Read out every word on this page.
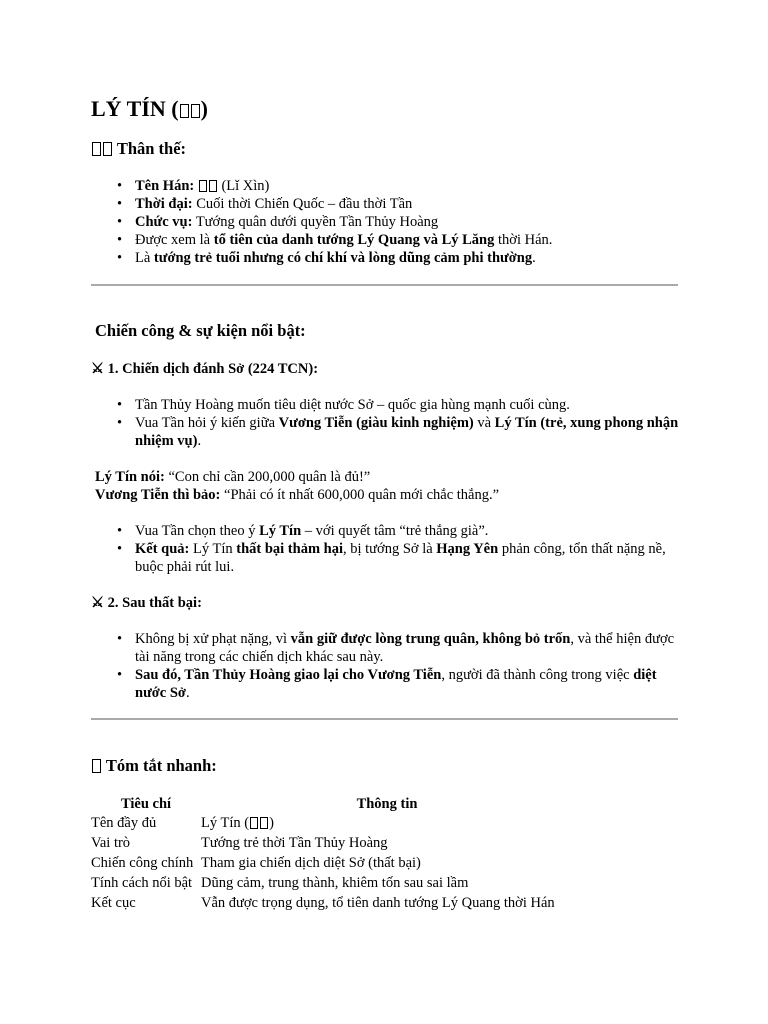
LÝ TÍN ( )
Thân thế:
• Tên Hán:  (Lǐ Xìn)
• Thời đại: Cuối thời Chiến Quốc – đầu thời Tần
• Chức vụ: Tướng quân dưới quyền Tần Thủy Hoàng
• Được xem là tổ tiên của danh tướng Lý Quang và Lý Lăng thời Hán.
• Là tướng trẻ tuổi nhưng có chí khí và lòng dũng cảm phi thường.
Chiến công & sự kiện nổi bật:
⚔ 1. Chiến dịch đánh Sở (224 TCN):
• Tần Thủy Hoàng muốn tiêu diệt nước Sở – quốc gia hùng mạnh cuối cùng.
• Vua Tần hỏi ý kiến giữa Vương Tiễn (giàu kinh nghiệm) và Lý Tín (trẻ, xung phong nhận nhiệm vụ).
Lý Tín nói: “Con chỉ cần 200,000 quân là đủ!”
Vương Tiễn thì bảo: “Phải có ít nhất 600,000 quân mới chắc thắng.”
• Vua Tần chọn theo ý Lý Tín – với quyết tâm “trẻ thắng già”.
• Kết quả: Lý Tín thất bại thảm hại, bị tướng Sở là Hạng Yên phản công, tổn thất nặng nề, buộc phải rút lui.
⚔ 2. Sau thất bại:
• Không bị xử phạt nặng, vì vẫn giữ được lòng trung quân, không bỏ trốn, và thể hiện được tài năng trong các chiến dịch khác sau này.
• Sau đó, Tần Thủy Hoàng giao lại cho Vương Tiễn, người đã thành công trong việc diệt nước Sở.
Tóm tắt nhanh:
Tiêu chí	Thông tin
Tên đầy đủ	Lý Tín ( )
Vai trò	Tướng trẻ thời Tần Thủy Hoàng
Chiến công chính	Tham gia chiến dịch diệt Sở (thất bại)
Tính cách nổi bật	Dũng cảm, trung thành, khiêm tốn sau sai lầm
Kết cục	Vẫn được trọng dụng, tổ tiên danh tướng Lý Quang thời Hán
